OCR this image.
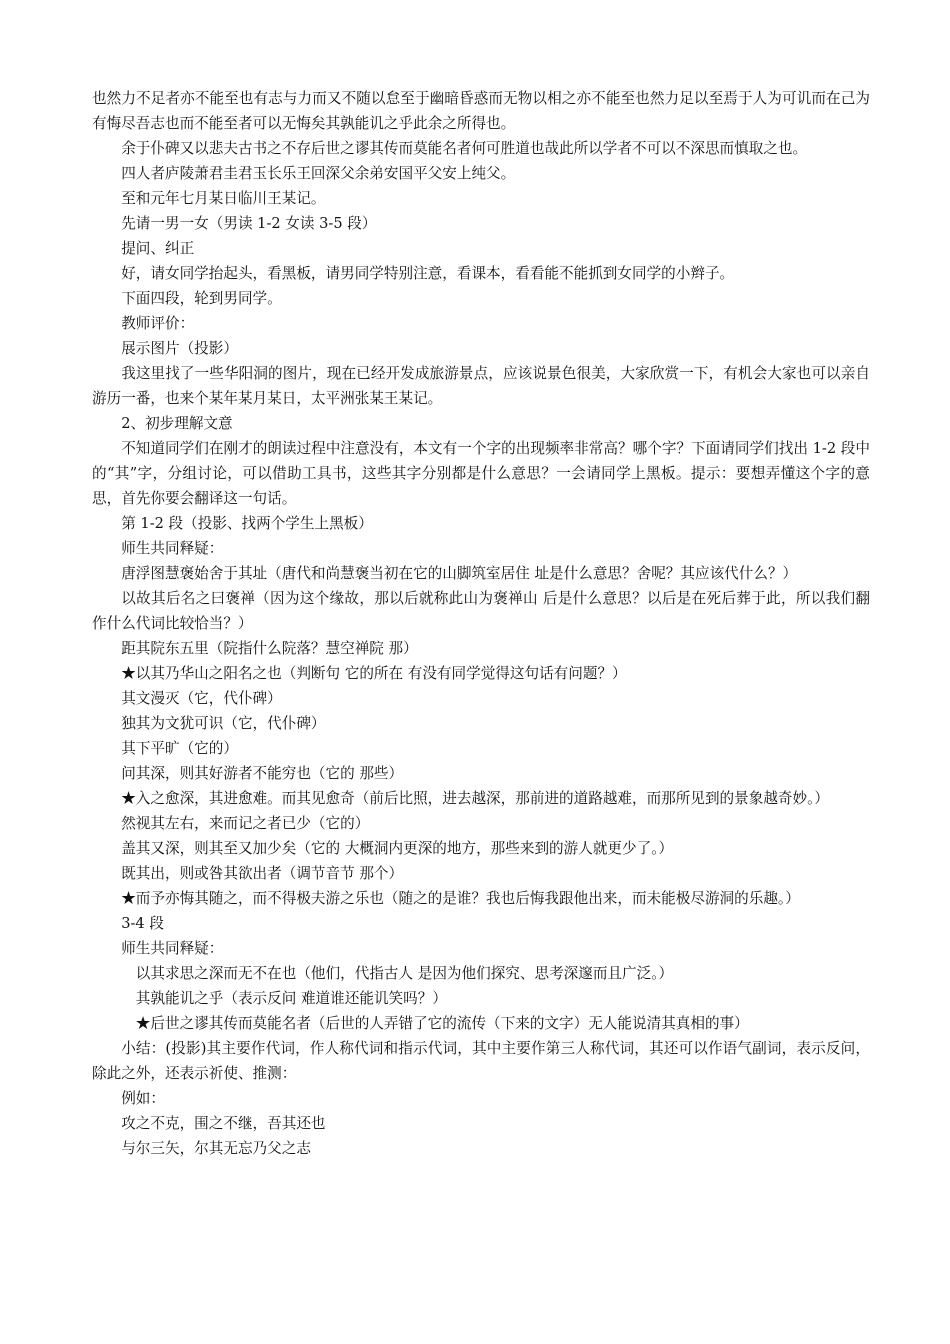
也然力不足者亦不能至也有志与力而又不随以怠至于幽暗昏惑而无物以相之亦不能至也然力足以至焉于人为可讥而在己为有悔尽吾志也而不能至者可以无悔矣其孰能讥之乎此余之所得也。

余于仆碑又以悲夫古书之不存后世之谬其传而莫能名者何可胜道也哉此所以学者不可以不深思而慎取之也。

四人者庐陵萧君圭君玉长乐王回深父余弟安国平父安上纯父。

至和元年七月某日临川王某记。

先请一男一女（男读 1-2 女读 3-5 段）

提问、纠正

好，请女同学抬起头，看黑板，请男同学特别注意，看课本，看看能不能抓到女同学的小辫子。

下面四段，轮到男同学。

教师评价：

展示图片（投影）

我这里找了一些华阳洞的图片，现在已经开发成旅游景点，应该说景色很美，大家欣赏一下，有机会大家也可以亲自游历一番，也来个某年某月某日，太平洲张某王某记。

2、初步理解文意

不知道同学们在刚才的朗读过程中注意没有，本文有一个字的出现频率非常高？哪个字？下面请同学们找出 1-2 段中的“其”字，分组讨论，可以借助工具书，这些其字分别都是什么意思？一会请同学上黑板。提示：要想弄懂这个字的意思，首先你要会翻译这一句话。

第 1-2 段（投影、找两个学生上黑板）

师生共同释疑：

唐浮图慧褒始舍于其址（唐代和尚慧褒当初在它的山脚筑室居住 址是什么意思？舍呢？其应该代什么？）

以故其后名之曰褒禅（因为这个缘故，那以后就称此山为褒禅山 后是什么意思？以后是在死后葬于此，所以我们翻作什么代词比较恰当？）

距其院东五里（院指什么院落？慧空禅院 那）

★以其乃华山之阳名之也（判断句 它的所在 有没有同学觉得这句话有问题？）

其文漫灭（它，代仆碑）

独其为文犹可识（它，代仆碑）

其下平旷（它的）

问其深，则其好游者不能穷也（它的 那些）

★入之愈深，其进愈难。而其见愈奇（前后比照，进去越深，那前进的道路越难，而那所见到的景象越奇妙。）

然视其左右，来而记之者已少（它的）

盖其又深，则其至又加少矣（它的 大概洞内更深的地方，那些来到的游人就更少了。）

既其出，则或咎其欲出者（调节音节 那个）

★而予亦悔其随之，而不得极夫游之乐也（随之的是谁？我也后悔我跟他出来，而未能极尽游洞的乐趣。）

3-4 段

师生共同释疑：

以其求思之深而无不在也（他们，代指古人 是因为他们探究、思考深邃而且广泛。）

其孰能讥之乎（表示反问 难道谁还能讥笑吗？）

★后世之谬其传而莫能名者（后世的人弄错了它的流传（下来的文字）无人能说清其真相的事）

小结：(投影)其主要作代词，作人称代词和指示代词，其中主要作第三人称代词，其还可以作语气副词，表示反问，除此之外，还表示祈使、推测：

例如：

攻之不克，围之不继，吾其还也

与尔三矢，尔其无忘乃父之志
